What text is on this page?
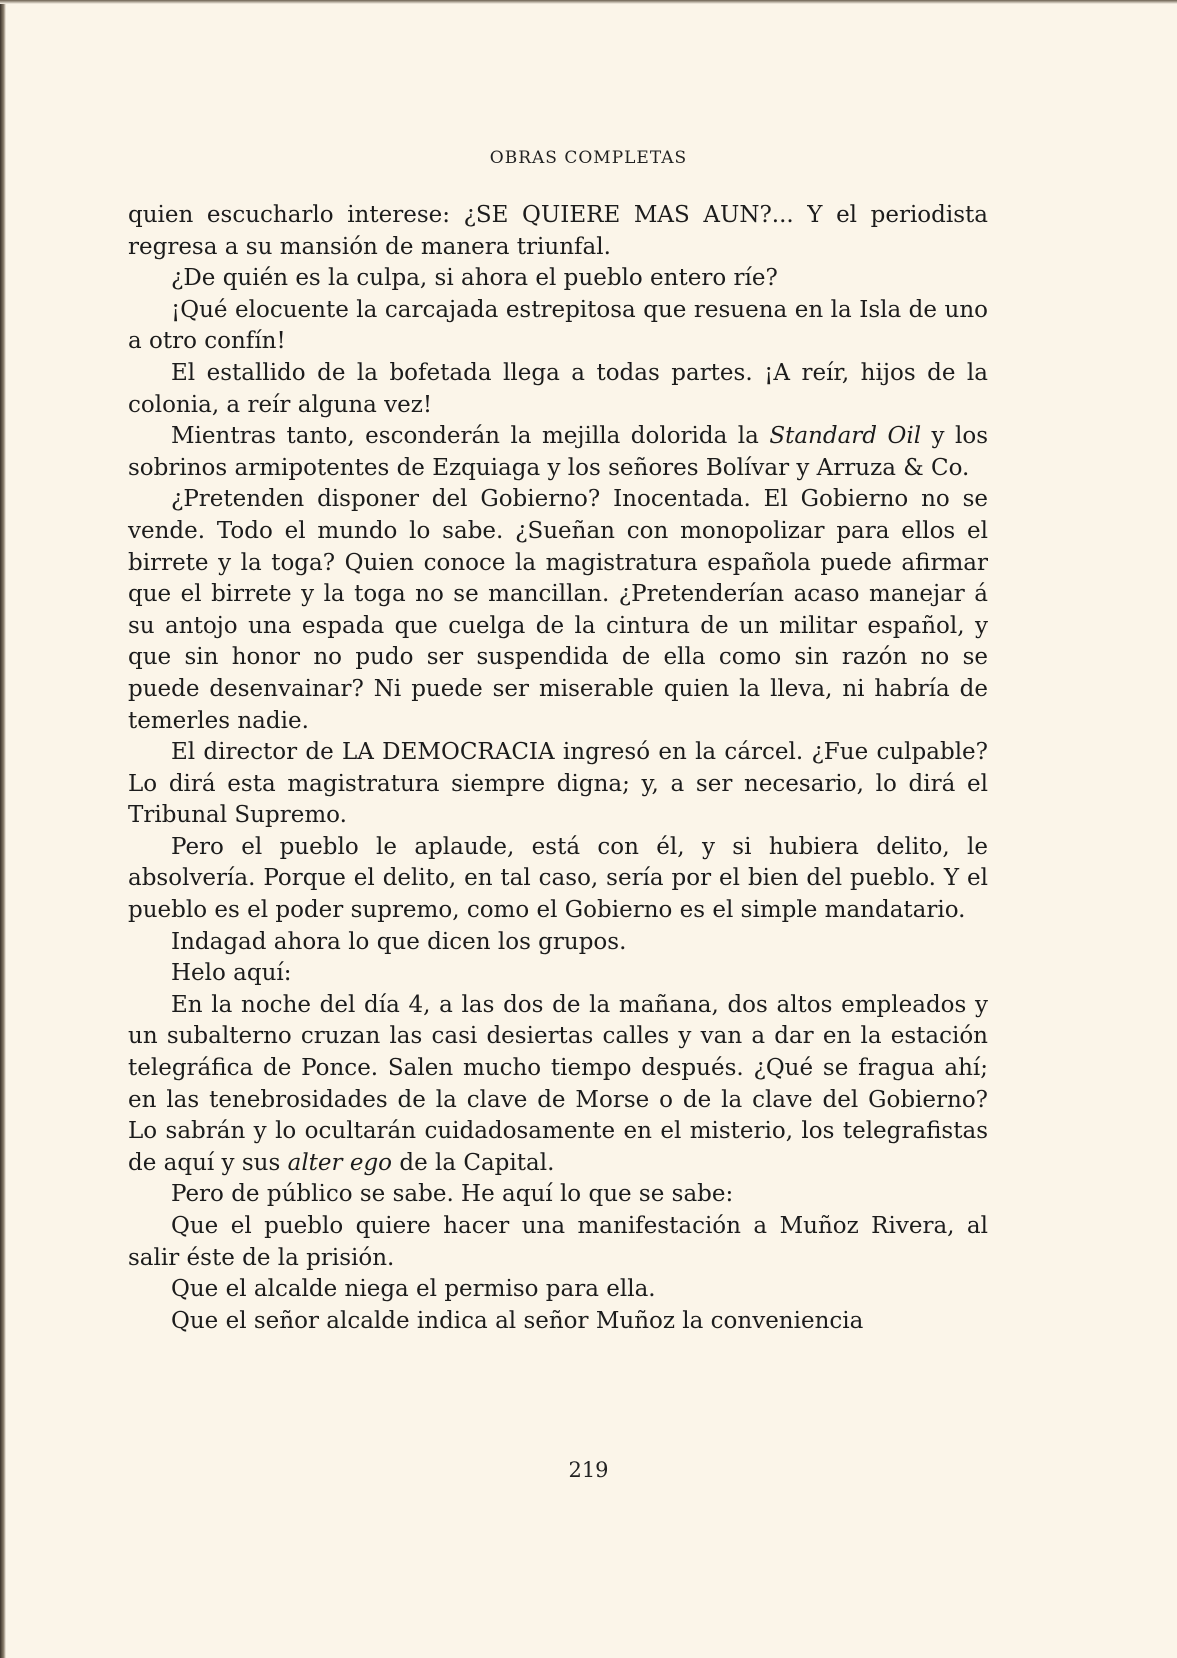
OBRAS COMPLETAS

quien escucharlo interese: ¿SE QUIERE MAS AUN?... Y el periodista regresa a su mansión de manera triunfal.

¿De quién es la culpa, si ahora el pueblo entero ríe?

¡Qué elocuente la carcajada estrepitosa que resuena en la Isla de uno a otro confín!

El estallido de la bofetada llega a todas partes. ¡A reír, hijos de la colonia, a reír alguna vez!

Mientras tanto, esconderán la mejilla dolorida la Standard Oil y los sobrinos armipotentes de Ezquiaga y los señores Bolívar y Arruza & Co.

¿Pretenden disponer del Gobierno? Inocentada. El Gobierno no se vende. Todo el mundo lo sabe. ¿Sueñan con monopolizar para ellos el birrete y la toga? Quien conoce la magistratura española puede afirmar que el birrete y la toga no se mancillan. ¿Pretenderían acaso manejar á su antojo una espada que cuelga de la cintura de un militar español, y que sin honor no pudo ser suspendida de ella como sin razón no se puede desenvainar? Ni puede ser miserable quien la lleva, ni habría de temerles nadie.

El director de LA DEMOCRACIA ingresó en la cárcel. ¿Fue culpable? Lo dirá esta magistratura siempre digna; y, a ser necesario, lo dirá el Tribunal Supremo.

Pero el pueblo le aplaude, está con él, y si hubiera delito, le absolvería. Porque el delito, en tal caso, sería por el bien del pueblo. Y el pueblo es el poder supremo, como el Gobierno es el simple mandatario.

Indagad ahora lo que dicen los grupos.

Helo aquí:

En la noche del día 4, a las dos de la mañana, dos altos empleados y un subalterno cruzan las casi desiertas calles y van a dar en la estación telegráfica de Ponce. Salen mucho tiempo después. ¿Qué se fragua ahí; en las tenebrosidades de la clave de Morse o de la clave del Gobierno? Lo sabrán y lo ocultarán cuidadosamente en el misterio, los telegrafistas de aquí y sus alter ego de la Capital.

Pero de público se sabe. He aquí lo que se sabe:

Que el pueblo quiere hacer una manifestación a Muñoz Rivera, al salir éste de la prisión.

Que el alcalde niega el permiso para ella.

Que el señor alcalde indica al señor Muñoz la conveniencia

219
